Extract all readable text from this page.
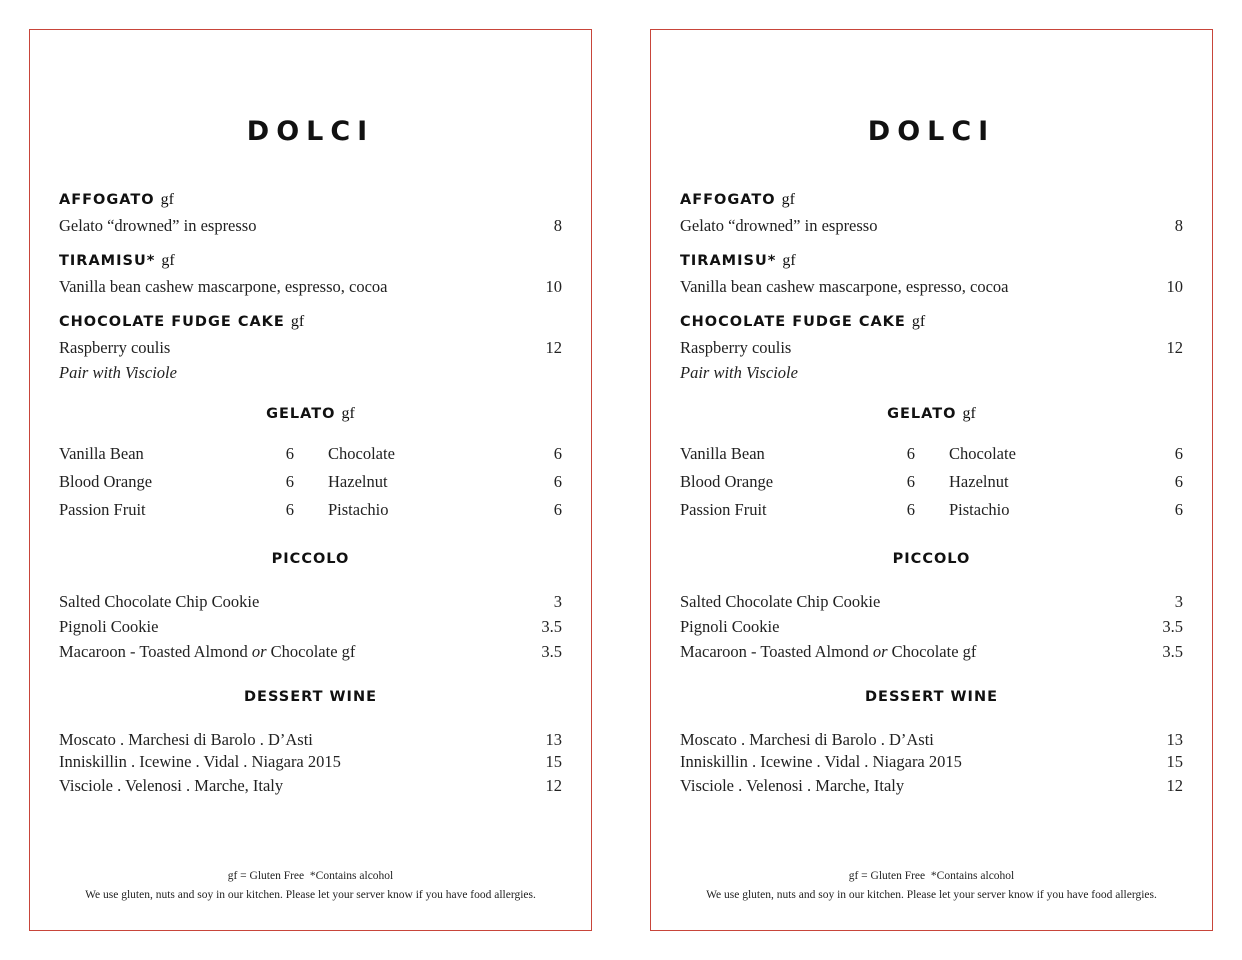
DOLCI
AFFOGATO gf
Gelato “drowned” in espresso	8
TIRAMISU* gf
Vanilla bean cashew mascarpone, espresso, cocoa	10
CHOCOLATE FUDGE CAKE gf
Raspberry coulis	12
Pair with Visciole
GELATO gf
Vanilla Bean	6 Chocolate	6
Blood Orange	6 Hazelnut	6
Passion Fruit	6 Pistachio	6
PICCOLO
Salted Chocolate Chip Cookie	3
Pignoli Cookie	3.5
Macaroon - Toasted Almond or Chocolate gf	3.5
DESSERT WINE
Moscato . Marchesi di Barolo . D’Asti	13
Inniskillin . Icewine . Vidal . Niagara 2015	15
Visciole . Velenosi . Marche, Italy	12
gf = Gluten Free  *Contains alcohol
We use gluten, nuts and soy in our kitchen. Please let your server know if you have food allergies.
DOLCI
AFFOGATO gf
Gelato “drowned” in espresso	8
TIRAMISU* gf
Vanilla bean cashew mascarpone, espresso, cocoa	10
CHOCOLATE FUDGE CAKE gf
Raspberry coulis	12
Pair with Visciole
GELATO gf
Vanilla Bean	6 Chocolate	6
Blood Orange	6 Hazelnut	6
Passion Fruit	6 Pistachio	6
PICCOLO
Salted Chocolate Chip Cookie	3
Pignoli Cookie	3.5
Macaroon - Toasted Almond or Chocolate gf	3.5
DESSERT WINE
Moscato . Marchesi di Barolo . D’Asti	13
Inniskillin . Icewine . Vidal . Niagara 2015	15
Visciole . Velenosi . Marche, Italy	12
gf = Gluten Free  *Contains alcohol
We use gluten, nuts and soy in our kitchen. Please let your server know if you have food allergies.
